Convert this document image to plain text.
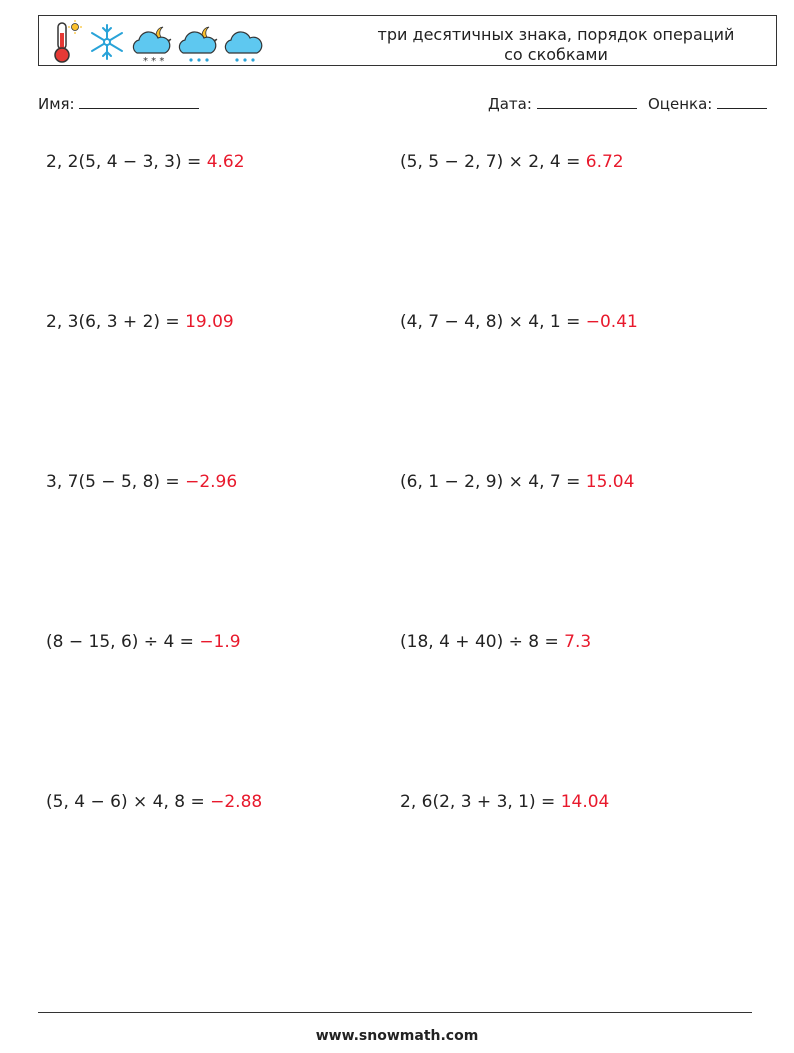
* * *
три десятичных знака, порядок операций
со скобками
Имя:	Дата:	Оценка:
2, 2(5, 4 − 3, 3) = 4.62	(5, 5 − 2, 7) × 2, 4 = 6.72
2, 3(6, 3 + 2) = 19.09	(4, 7 − 4, 8) × 4, 1 = −0.41
3, 7(5 − 5, 8) = −2.96	(6, 1 − 2, 9) × 4, 7 = 15.04
(8 − 15, 6) ÷ 4 = −1.9	(18, 4 + 40) ÷ 8 = 7.3
(5, 4 − 6) × 4, 8 = −2.88	2, 6(2, 3 + 3, 1) = 14.04
www.snowmath.com
